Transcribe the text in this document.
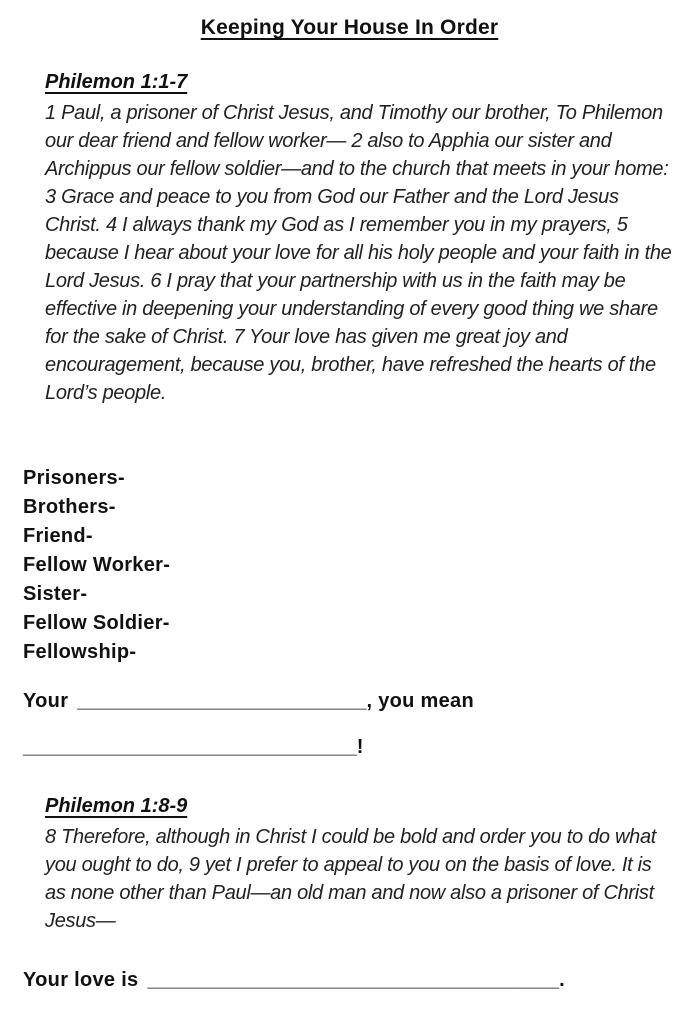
Keeping Your House In Order
Philemon 1:1-7

1 Paul, a prisoner of Christ Jesus, and Timothy our brother, To Philemon our dear friend and fellow worker— 2 also to Apphia our sister and Archippus our fellow soldier—and to the church that meets in your home: 3 Grace and peace to you from God our Father and the Lord Jesus Christ. 4 I always thank my God as I remember you in my prayers, 5 because I hear about your love for all his holy people and your faith in the Lord Jesus. 6 I pray that your partnership with us in the faith may be effective in deepening your understanding of every good thing we share for the sake of Christ. 7 Your love has given me great joy and encouragement, because you, brother, have refreshed the hearts of the Lord’s people.

Prisoners-
Brothers-
Friend-
Fellow Worker-
Sister-
Fellow Soldier-
Fellowship-
Your __________________________, you mean
______________________________!
Philemon 1:8-9

8 Therefore, although in Christ I could be bold and order you to do what you ought to do, 9 yet I prefer to appeal to you on the basis of love. It is as none other than Paul—an old man and now also a prisoner of Christ Jesus—

Your love is _____________________________________.
